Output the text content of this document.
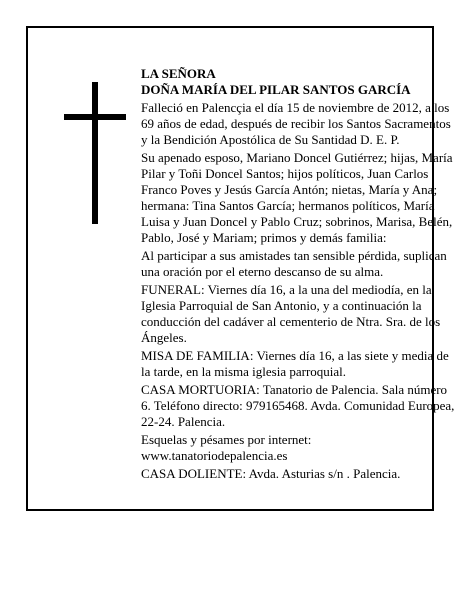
LA SEÑORA

DOÑA MARÍA DEL PILAR SANTOS GARCÍA

Falleció en Palencçia el día 15 de noviembre de 2012, a los 69 años de edad, después de recibir los Santos Sacramentos y la Bendición Apostólica de Su Santidad D. E. P.

Su apenado esposo, Mariano Doncel Gutiérrez; hijas, María Pilar y Toñi Doncel Santos; hijos políticos, Juan Carlos Franco Poves y Jesús García Antón; nietas, María y Ana; hermana: Tina Santos García; hermanos políticos, María Luisa y Juan Doncel y Pablo Cruz; sobrinos, Marisa, Belén, Pablo, José y Mariam; primos y demás familia:

Al participar a sus amistades tan sensible pérdida, suplican una oración por el eterno descanso de su alma.

FUNERAL: Viernes día 16, a la una del mediodía, en la Iglesia Parroquial de San Antonio, y a continuación la conducción del cadáver al cementerio de Ntra. Sra. de los Ángeles.

MISA DE FAMILIA: Viernes día 16, a las siete y media de la tarde, en la misma iglesia parroquial.

CASA MORTUORIA: Tanatorio de Palencia. Sala número 6. Teléfono directo: 979165468. Avda. Comunidad Europea, 22-24. Palencia.

Esquelas y pésames por internet: www.tanatoriodepalencia.es

CASA DOLIENTE: Avda. Asturias s/n . Palencia.
